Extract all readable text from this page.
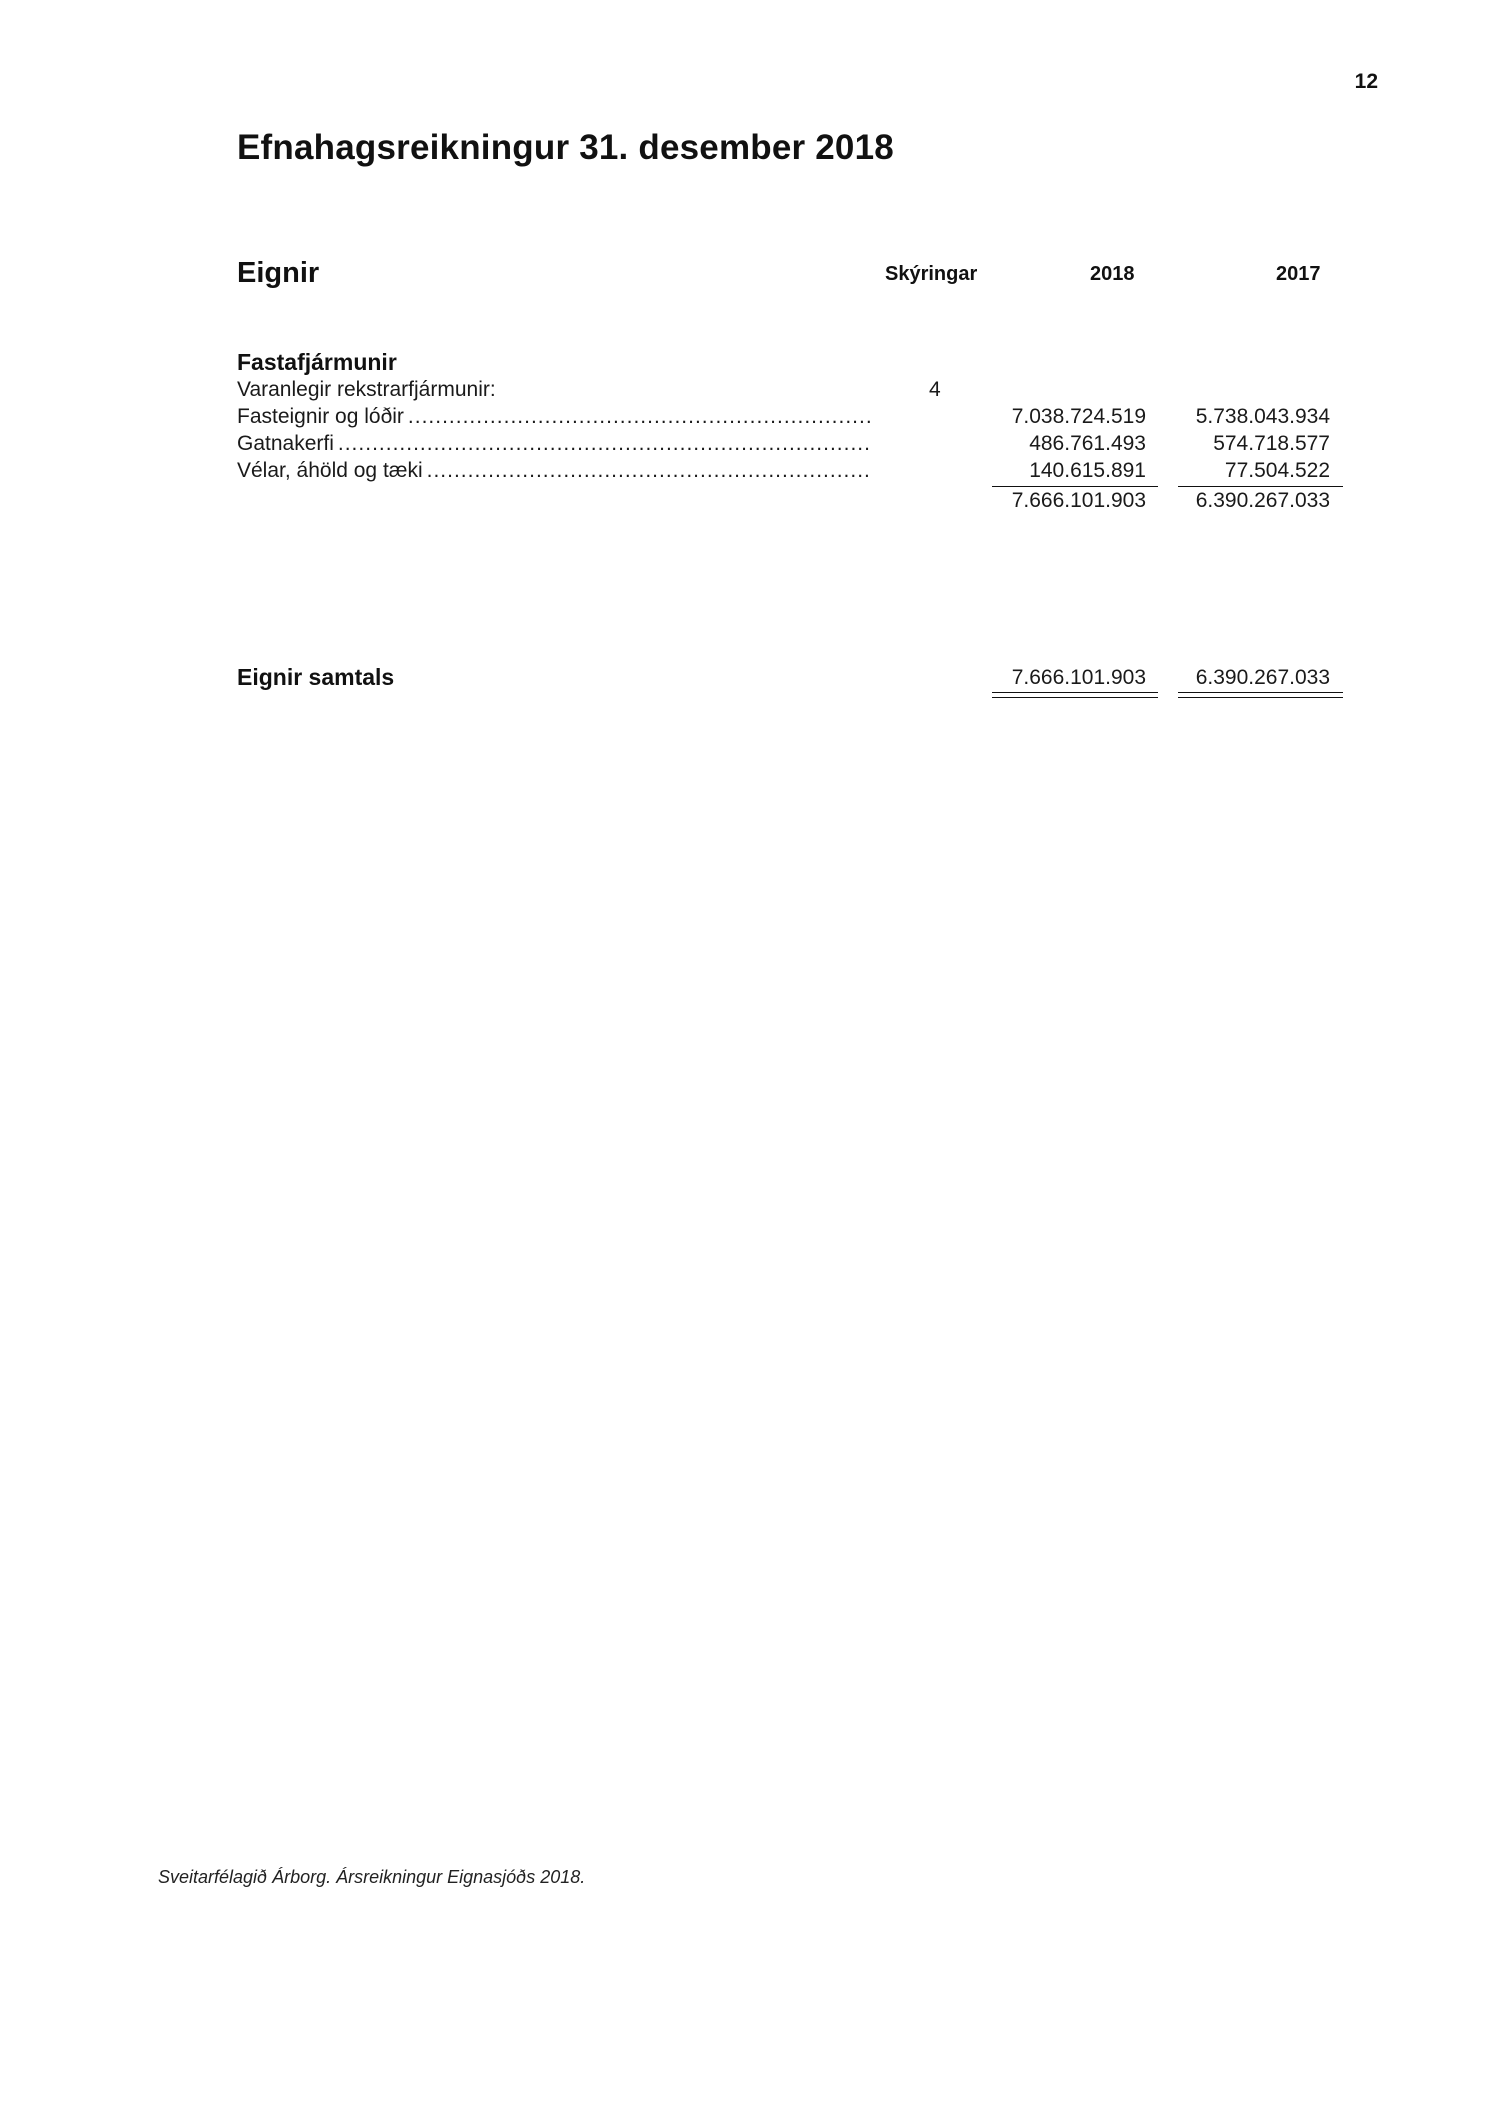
12
Efnahagsreikningur 31. desember 2018
Eignir	Skýringar	2018	2017
Fastafjármunir
Varanlegir rekstrarfjármunir:	4
Fasteignir og lóðir .....	7.038.724.519	5.738.043.934
Gatnakerfi .....	486.761.493	574.718.577
Vélar, áhöld og tæki .....	140.615.891	77.504.522
7.666.101.903	6.390.267.033
Eignir samtals	7.666.101.903	6.390.267.033
Sveitarfélagið Árborg. Ársreikningur Eignasjóðs 2018.
